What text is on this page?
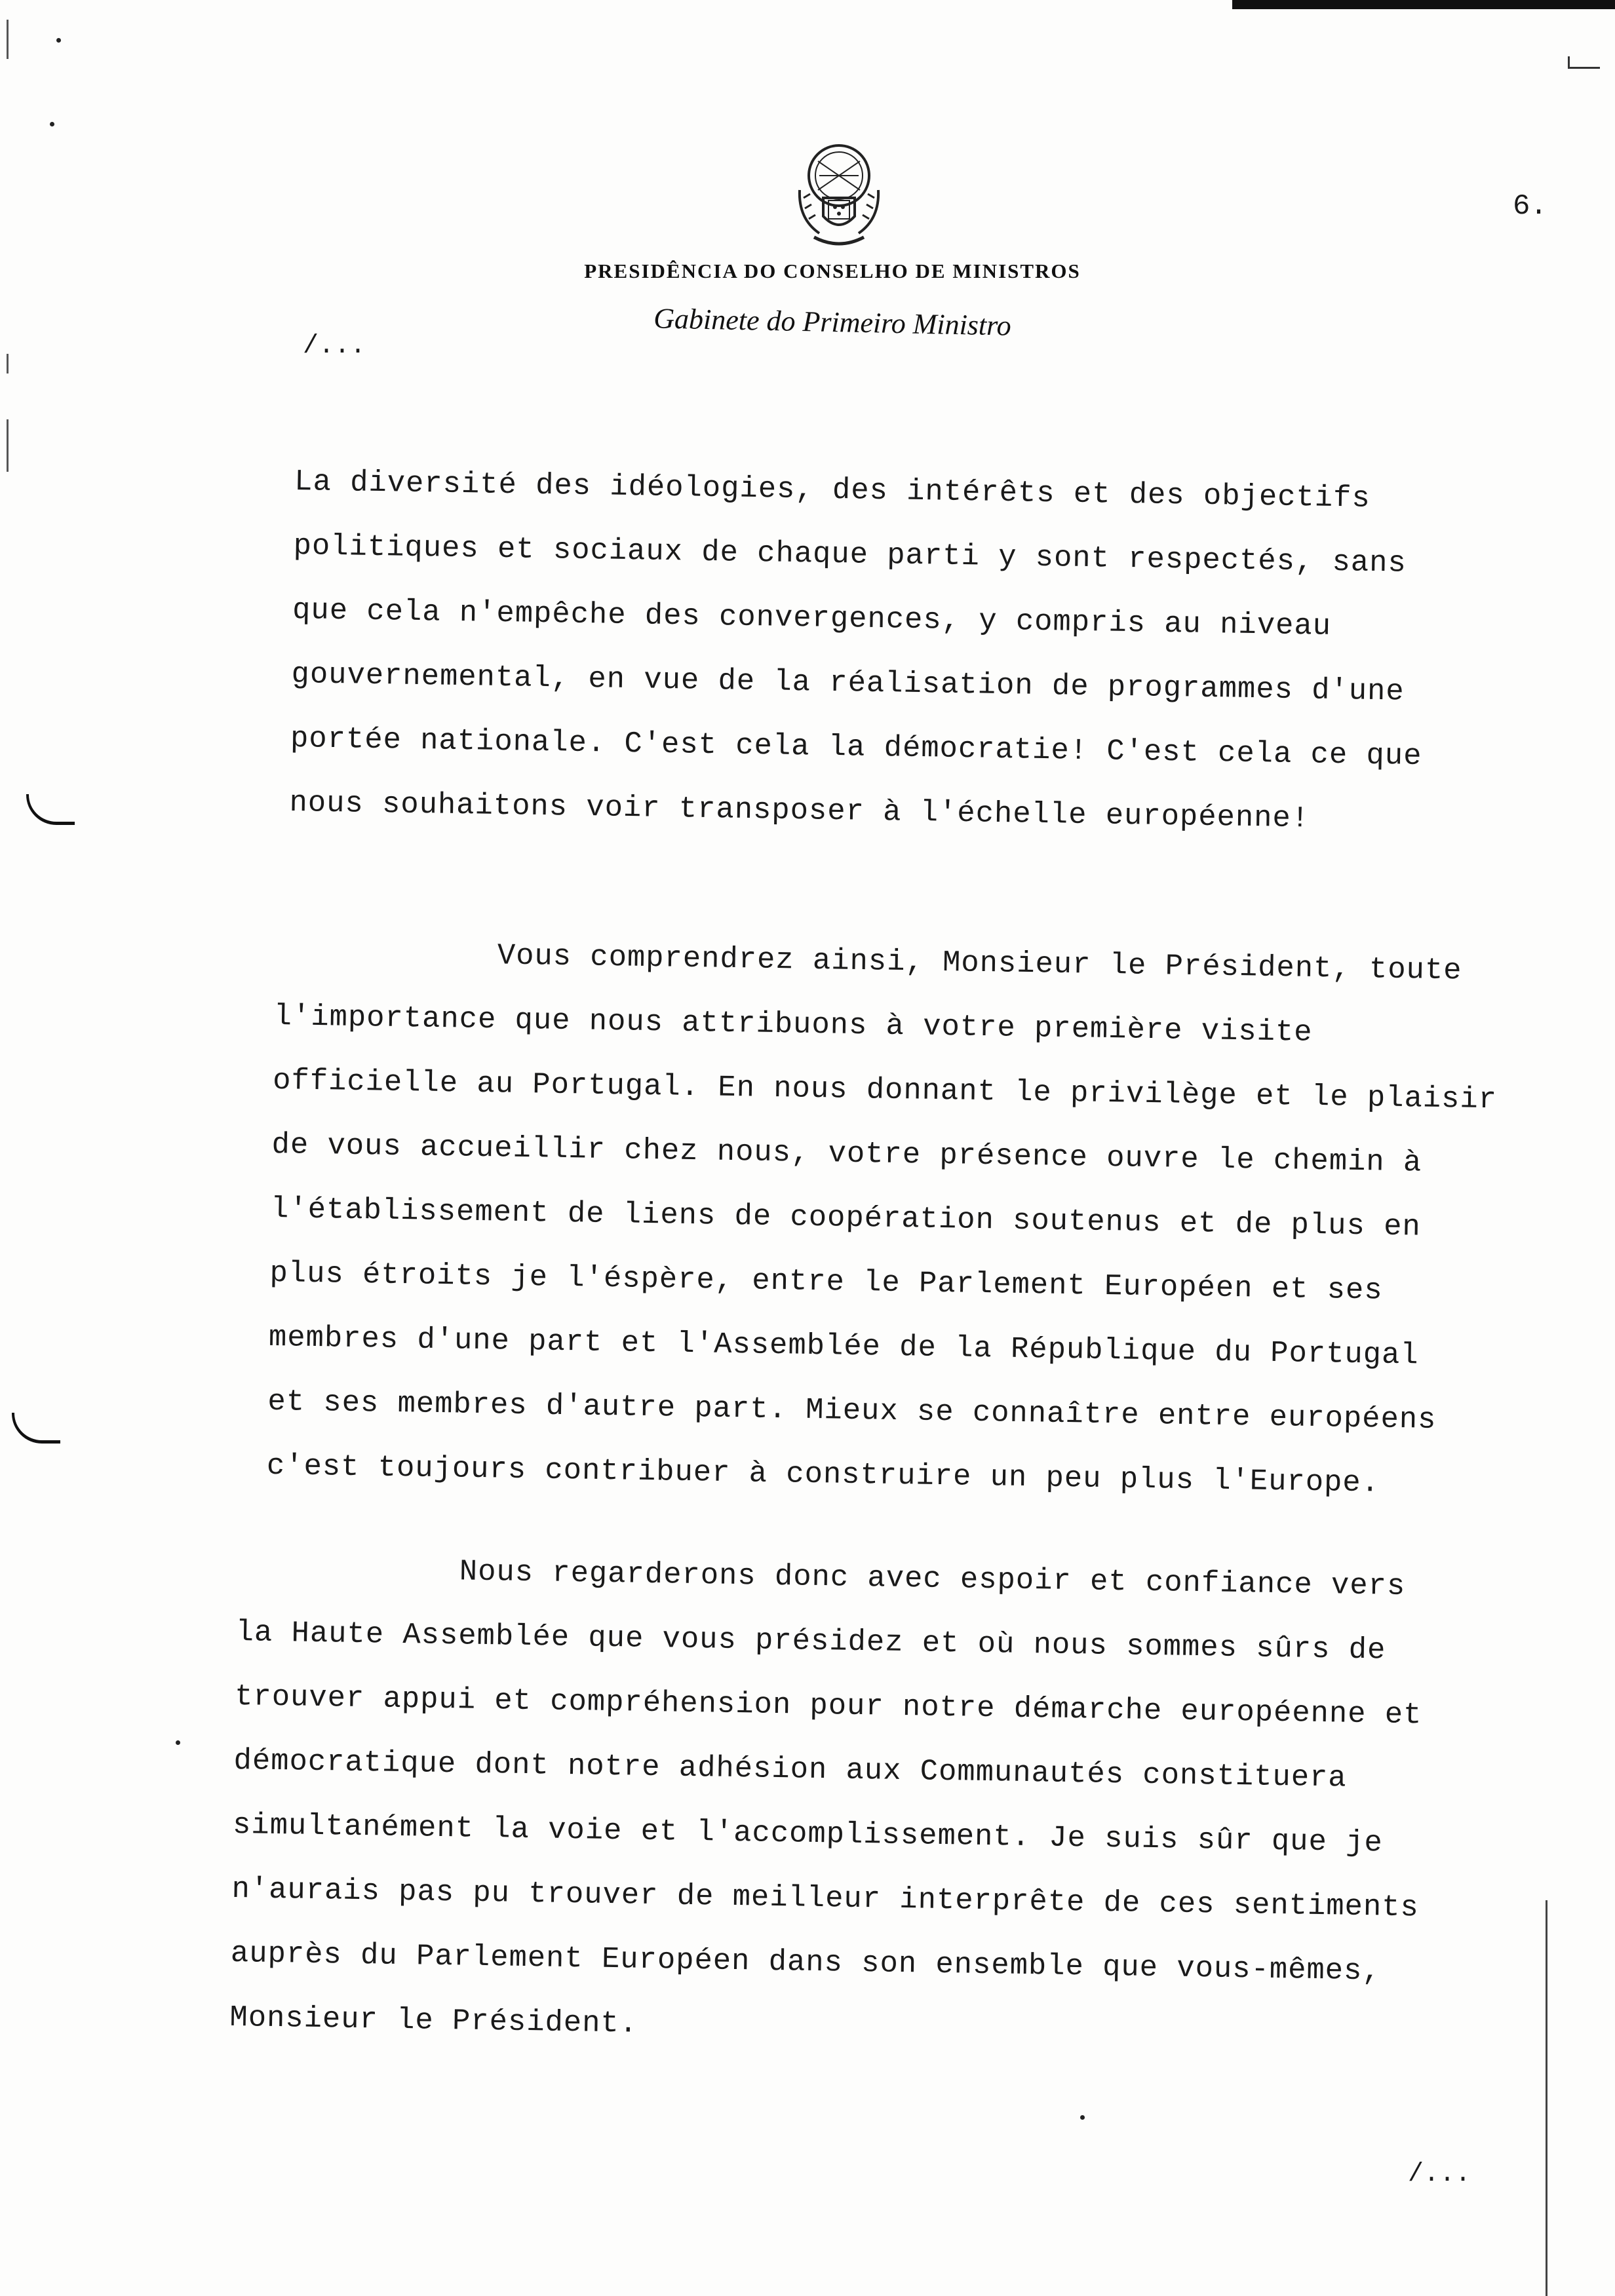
6.
PRESIDÊNCIA DO CONSELHO DE MINISTROS
Gabinete do Primeiro Ministro
/...
La diversité des idéologies, des intérêts et des objectifs
politiques et sociaux de chaque parti y sont respectés, sans
que cela n'empêche des convergences, y compris au niveau
gouvernemental, en vue de la réalisation de programmes d'une
portée nationale. C'est cela la démocratie! C'est cela ce que
nous souhaitons voir transposer à l'échelle européenne!
Vous comprendrez ainsi, Monsieur le Président, toute
l'importance que nous attribuons à votre première visite
officielle au Portugal. En nous donnant le privilège et le plaisir
de vous accueillir chez nous, votre présence ouvre le chemin à
l'établissement de liens de coopération soutenus et de plus en
plus étroits je l'éspère, entre le Parlement Européen et ses
membres d'une part et l'Assemblée de la République du Portugal
et ses membres d'autre part. Mieux se connaître entre européens
c'est toujours contribuer à construire un peu plus l'Europe.
Nous regarderons donc avec espoir et confiance vers
la Haute Assemblée que vous présidez et où nous sommes sûrs de
trouver appui et compréhension pour notre démarche européenne et
démocratique dont notre adhésion aux Communautés constituera
simultanément la voie et l'accomplissement. Je suis sûr que je
n'aurais pas pu trouver de meilleur interprête de ces sentiments
auprès du Parlement Européen dans son ensemble que vous-mêmes,
Monsieur le Président.
/...
